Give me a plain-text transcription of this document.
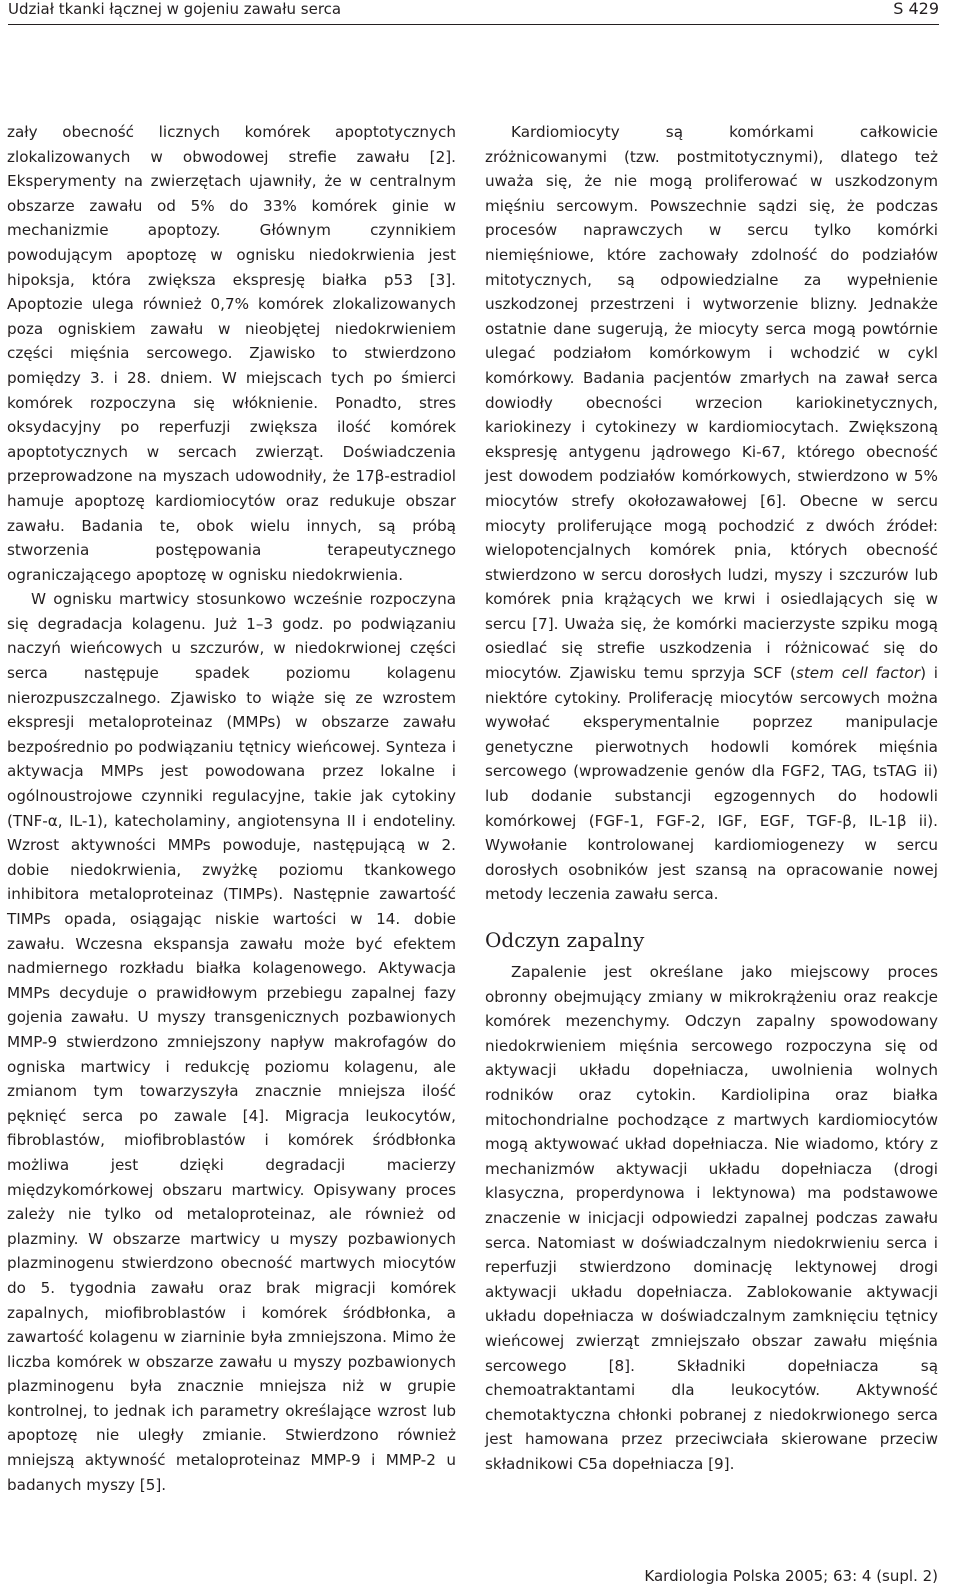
Udział tkanki łącznej w gojeniu zawału serca	S 429

zały obecność licznych komórek apoptotycznych zlokalizowanych w obwodowej strefie zawału [2]. Eksperymenty na zwierzętach ujawniły, że w centralnym obszarze zawału od 5% do 33% komórek ginie w mechanizmie apoptozy. Głównym czynnikiem powodującym apoptozę w ognisku niedokrwienia jest hipoksja, która zwiększa ekspresję białka p53 [3]. Apoptozie ulega również 0,7% komórek zlokalizowanych poza ogniskiem zawału w nieobjętej niedokrwieniem części mięśnia sercowego. Zjawisko to stwierdzono pomiędzy 3. i 28. dniem. W miejscach tych po śmierci komórek rozpoczyna się włóknienie. Ponadto, stres oksydacyjny po reperfuzji zwiększa ilość komórek apoptotycznych w sercach zwierząt. Doświadczenia przeprowadzone na myszach udowodniły, że 17β-estradiol hamuje apoptozę kardiomiocytów oraz redukuje obszar zawału. Badania te, obok wielu innych, są próbą stworzenia postępowania terapeutycznego ograniczającego apoptozę w ognisku niedokrwienia.

W ognisku martwicy stosunkowo wcześnie rozpoczyna się degradacja kolagenu. Już 1–3 godz. po podwiązaniu naczyń wieńcowych u szczurów, w niedokrwionej części serca następuje spadek poziomu kolagenu nierozpuszczalnego. Zjawisko to wiąże się ze wzrostem ekspresji metaloproteinaz (MMPs) w obszarze zawału bezpośrednio po podwiązaniu tętnicy wieńcowej. Synteza i aktywacja MMPs jest powodowana przez lokalne i ogólnoustrojowe czynniki regulacyjne, takie jak cytokiny (TNF-α, IL-1), katecholaminy, angiotensyna II i endoteliny. Wzrost aktywności MMPs powoduje, następującą w 2. dobie niedokrwienia, zwyżkę poziomu tkankowego inhibitora metaloproteinaz (TIMPs). Następnie zawartość TIMPs opada, osiągając niskie wartości w 14. dobie zawału. Wczesna ekspansja zawału może być efektem nadmiernego rozkładu białka kolagenowego. Aktywacja MMPs decyduje o prawidłowym przebiegu zapalnej fazy gojenia zawału. U myszy transgenicznych pozbawionych MMP-9 stwierdzono zmniejszony napływ makrofagów do ogniska martwicy i redukcję poziomu kolagenu, ale zmianom tym towarzyszyła znacznie mniejsza ilość pęknięć serca po zawale [4]. Migracja leukocytów, fibroblastów, miofibroblastów i komórek śródbłonka możliwa jest dzięki degradacji macierzy międzykomórkowej obszaru martwicy. Opisywany proces zależy nie tylko od metaloproteinaz, ale również od plazminy. W obszarze martwicy u myszy pozbawionych plazminogenu stwierdzono obecność martwych miocytów do 5. tygodnia zawału oraz brak migracji komórek zapalnych, miofibroblastów i komórek śródbłonka, a zawartość kolagenu w ziarninie była zmniejszona. Mimo że liczba komórek w obszarze zawału u myszy pozbawionych plazminogenu była znacznie mniejsza niż w grupie kontrolnej, to jednak ich parametry określające wzrost lub apoptozę nie uległy zmianie. Stwierdzono również mniejszą aktywność metaloproteinaz MMP-9 i MMP-2 u badanych myszy [5].

Kardiomiocyty są komórkami całkowicie zróżnicowanymi (tzw. postmitotycznymi), dlatego też uważa się, że nie mogą proliferować w uszkodzonym mięśniu sercowym. Powszechnie sądzi się, że podczas procesów naprawczych w sercu tylko komórki niemięśniowe, które zachowały zdolność do podziałów mitotycznych, są odpowiedzialne za wypełnienie uszkodzonej przestrzeni i wytworzenie blizny. Jednakże ostatnie dane sugerują, że miocyty serca mogą powtórnie ulegać podziałom komórkowym i wchodzić w cykl komórkowy. Badania pacjentów zmarłych na zawał serca dowiodły obecności wrzecion kariokinetycznych, kariokinezy i cytokinezy w kardiomiocytach. Zwiększoną ekspresję antygenu jądrowego Ki-67, którego obecność jest dowodem podziałów komórkowych, stwierdzono w 5% miocytów strefy okołozawałowej [6]. Obecne w sercu miocyty proliferujące mogą pochodzić z dwóch źródeł: wielopotencjalnych komórek pnia, których obecność stwierdzono w sercu dorosłych ludzi, myszy i szczurów lub komórek pnia krążących we krwi i osiedlających się w sercu [7]. Uważa się, że komórki macierzyste szpiku mogą osiedlać się strefie uszkodzenia i różnicować się do miocytów. Zjawisku temu sprzyja SCF (stem cell factor) i niektóre cytokiny. Proliferację miocytów sercowych można wywołać eksperymentalnie poprzez manipulacje genetyczne pierwotnych hodowli komórek mięśnia sercowego (wprowadzenie genów dla FGF2, TAG, tsTAG ii) lub dodanie substancji egzogennych do hodowli komórkowej (FGF-1, FGF-2, IGF, EGF, TGF-β, IL-1β ii). Wywołanie kontrolowanej kardiomiogenezy w sercu dorosłych osobników jest szansą na opracowanie nowej metody leczenia zawału serca.

Odczyn zapalny

Zapalenie jest określane jako miejscowy proces obronny obejmujący zmiany w mikrokrążeniu oraz reakcje komórek mezenchymy. Odczyn zapalny spowodowany niedokrwieniem mięśnia sercowego rozpoczyna się od aktywacji układu dopełniacza, uwolnienia wolnych rodników oraz cytokin. Kardiolipina oraz białka mitochondrialne pochodzące z martwych kardiomiocytów mogą aktywować układ dopełniacza. Nie wiadomo, który z mechanizmów aktywacji układu dopełniacza (drogi klasyczna, properdynowa i lektynowa) ma podstawowe znaczenie w inicjacji odpowiedzi zapalnej podczas zawału serca. Natomiast w doświadczalnym niedokrwieniu serca i reperfuzji stwierdzono dominację lektynowej drogi aktywacji układu dopełniacza. Zablokowanie aktywacji układu dopełniacza w doświadczalnym zamknięciu tętnicy wieńcowej zwierząt zmniejszało obszar zawału mięśnia sercowego [8]. Składniki dopełniacza są chemoatraktantami dla leukocytów. Aktywność chemotaktyczna chłonki pobranej z niedokrwionego serca jest hamowana przez przeciwciała skierowane przeciw składnikowi C5a dopełniacza [9].

Kardiologia Polska 2005; 63: 4 (supl. 2)
